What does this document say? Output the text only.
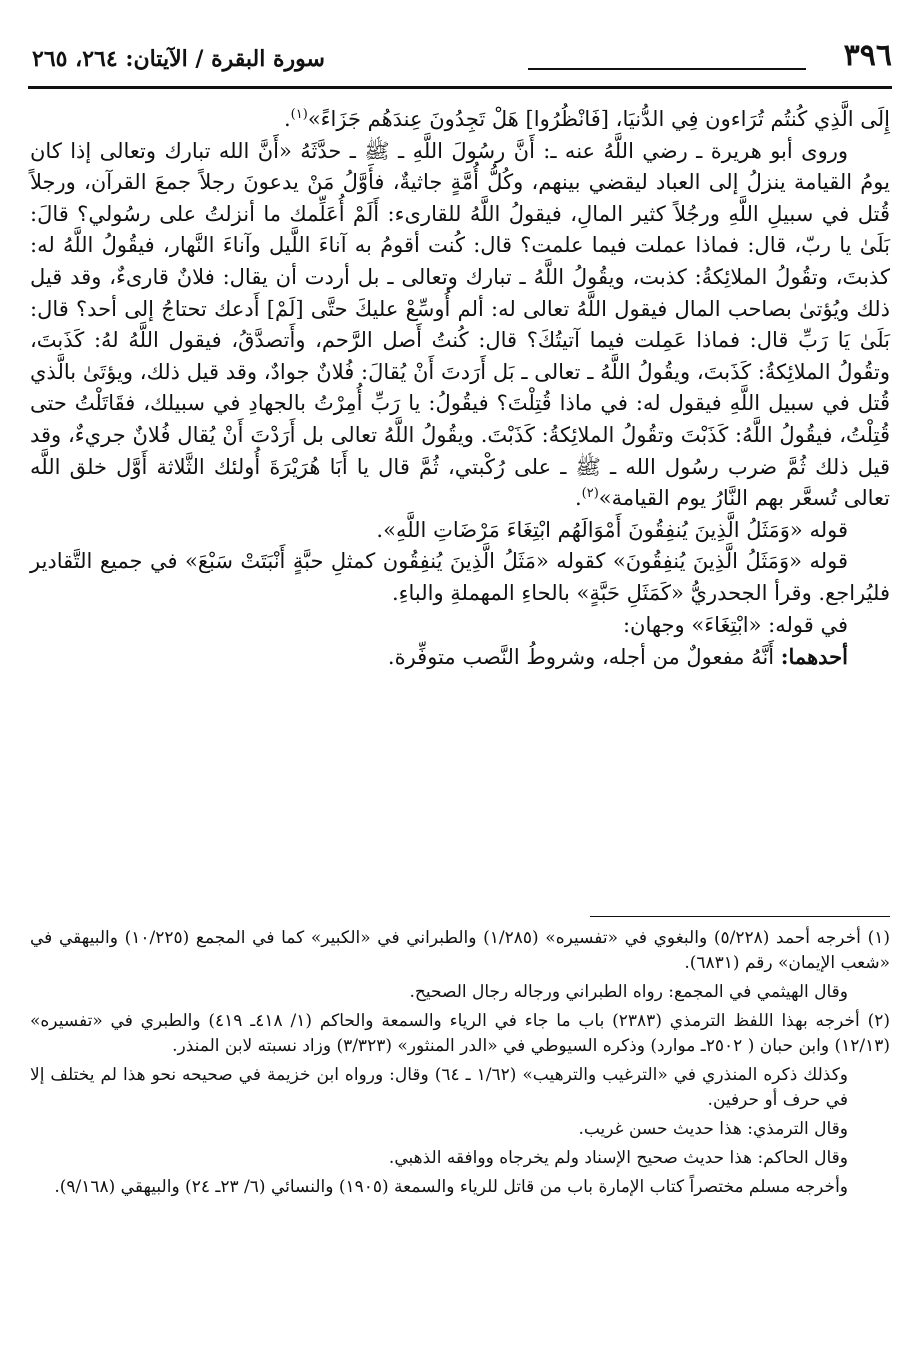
٣٩٦
سورة البقرة / الآيتان: ٢٦٤، ٢٦٥

إِلَى الَّذِي كُنتُم تُرَاءون فِي الدُّنيَا، [فَانْظُرُوا] هَلْ تَجِدُونَ عِندَهُم جَزَاءً»$^{(١)}$.

وروى أبو هريرة ـ رضي اللَّهُ عنه ـ: أَنَّ رسُولَ اللَّهِ ـ ﷺ ـ حدَّثَهُ «أَنَّ الله تبارك وتعالى إذا كان يومُ القيامة ينزلُ إلى العباد ليقضي بينهم، وكُلُّ أُمَّةٍ جاثيةٌ، فأَوَّلُ مَنْ يدعونَ رجلاً جمعَ القرآن، ورجلاً قُتل في سبيلِ اللَّهِ ورجُلاً كثير المالِ، فيقولُ اللَّهُ للقارىء: أَلَمْ أُعَلِّمك ما أنزلتُ على رسُولي؟ قالَ: بَلَىٰ يا ربّ، قال: فماذا عملت فيما علمت؟ قال: كُنت أقومُ به آناءَ اللَّيل وآناءَ النَّهار، فيقُولُ اللَّهُ له: كذبتَ، وتقُولُ الملائِكةُ: كذبت، ويقُولُ اللَّهُ ـ تبارك وتعالى ـ بل أردت أن يقال: فلانٌ قارىءٌ، وقد قيل ذلك ويُؤتىٰ بصاحب المال فيقول اللَّهُ تعالى له: ألم أُوسِّعْ عليكَ حتَّى [لَمْ] أَدعك تحتاجُ إلى أحد؟ قال: بَلَىٰ يَا رَبِّ قال: فماذا عَمِلت فيما آتيتُكَ؟ قال: كُنتُ أَصل الرَّحم، وأَتصدَّقُ، فيقول اللَّهُ لهُ: كَذَبتَ، وتقُولُ الملائِكةُ: كَذَبتَ، ويقُولُ اللَّهُ ـ تعالى ـ بَل أَرَدتَ أَنْ يُقالَ: فُلانٌ جوادٌ، وقد قيل ذلك، ويؤتَىٰ بالَّذي قُتل في سبيل اللَّهِ فيقول له: في ماذا قُتِلْتَ؟ فيقُولُ: يا رَبِّ أُمِرْتُ بالجهادِ في سبيلك، فقَاتَلْتُ حتى قُتِلْتُ، فيقُولُ اللَّهُ: كَذَبْتَ وتقُولُ الملائِكةُ: كَذَبْتَ. ويقُولُ اللَّهُ تعالى بل أَرَدْتَ أَنْ يُقال فُلانٌ جريءٌ، وقد قيل ذلك ثُمَّ ضرب رسُول الله ـ ﷺ ـ على رُكْبتي، ثُمَّ قال يا أَبَا هُرَيْرَةَ أُولئك الثَّلاثة أَوَّل خلق اللَّه تعالى تُسعَّر بهم النَّارُ يوم القيامة»$^{(٢)}$.

قوله «وَمَثَلُ الَّذِينَ يُنفِقُونَ أَمْوَالَهُم ابْتِغَاءَ مَرْضَاتِ اللَّهِ».

قوله «وَمَثَلُ الَّذِينَ يُنفِقُونَ» كقوله «مَثَلُ الَّذِينَ يُنفِقُون كمثلِ حبَّةٍ أَنْبَتَتْ سَبْعَ» في جميع التَّقادير فليُراجع. وقرأ الجحدريُّ «كَمَثَلِ حَبَّةٍ» بالحاءِ المهملةِ والباءِ.

في قوله: «ابْتِغَاءَ» وجهان:

أحدهما: أَنَّهُ مفعولٌ من أجله، وشروطُ النَّصب متوفِّرة.

(١) أخرجه أحمد (٥/٢٢٨) والبغوي في «تفسيره» (١/٢٨٥) والطبراني في «الكبير» كما في المجمع (١٠/٢٢٥) والبيهقي في «شعب الإيمان» رقم (٦٨٣١).

وقال الهيثمي في المجمع: رواه الطبراني ورجاله رجال الصحيح.

(٢) أخرجه بهذا اللفظ الترمذي (٢٣٨٣) باب ما جاء في الرياء والسمعة والحاكم (١/ ٤١٨ـ ٤١٩) والطبري في «تفسيره» (١٢/١٣) وابن حبان ( ٢٥٠٢ـ موارد) وذكره السيوطي في «الدر المنثور» (٣/٣٢٣) وزاد نسبته لابن المنذر.

وكذلك ذكره المنذري في «الترغيب والترهيب» (١/٦٢ ـ ٦٤) وقال: ورواه ابن خزيمة في صحيحه نحو هذا لم يختلف إلا في حرف أو حرفين.

وقال الترمذي: هذا حديث حسن غريب.

وقال الحاكم: هذا حديث صحيح الإسناد ولم يخرجاه ووافقه الذهبي.

وأخرجه مسلم مختصراً كتاب الإمارة باب من قاتل للرياء والسمعة (١٩٠٥) والنسائي (٦/ ٢٣ـ ٢٤) والبيهقي (٩/١٦٨).
